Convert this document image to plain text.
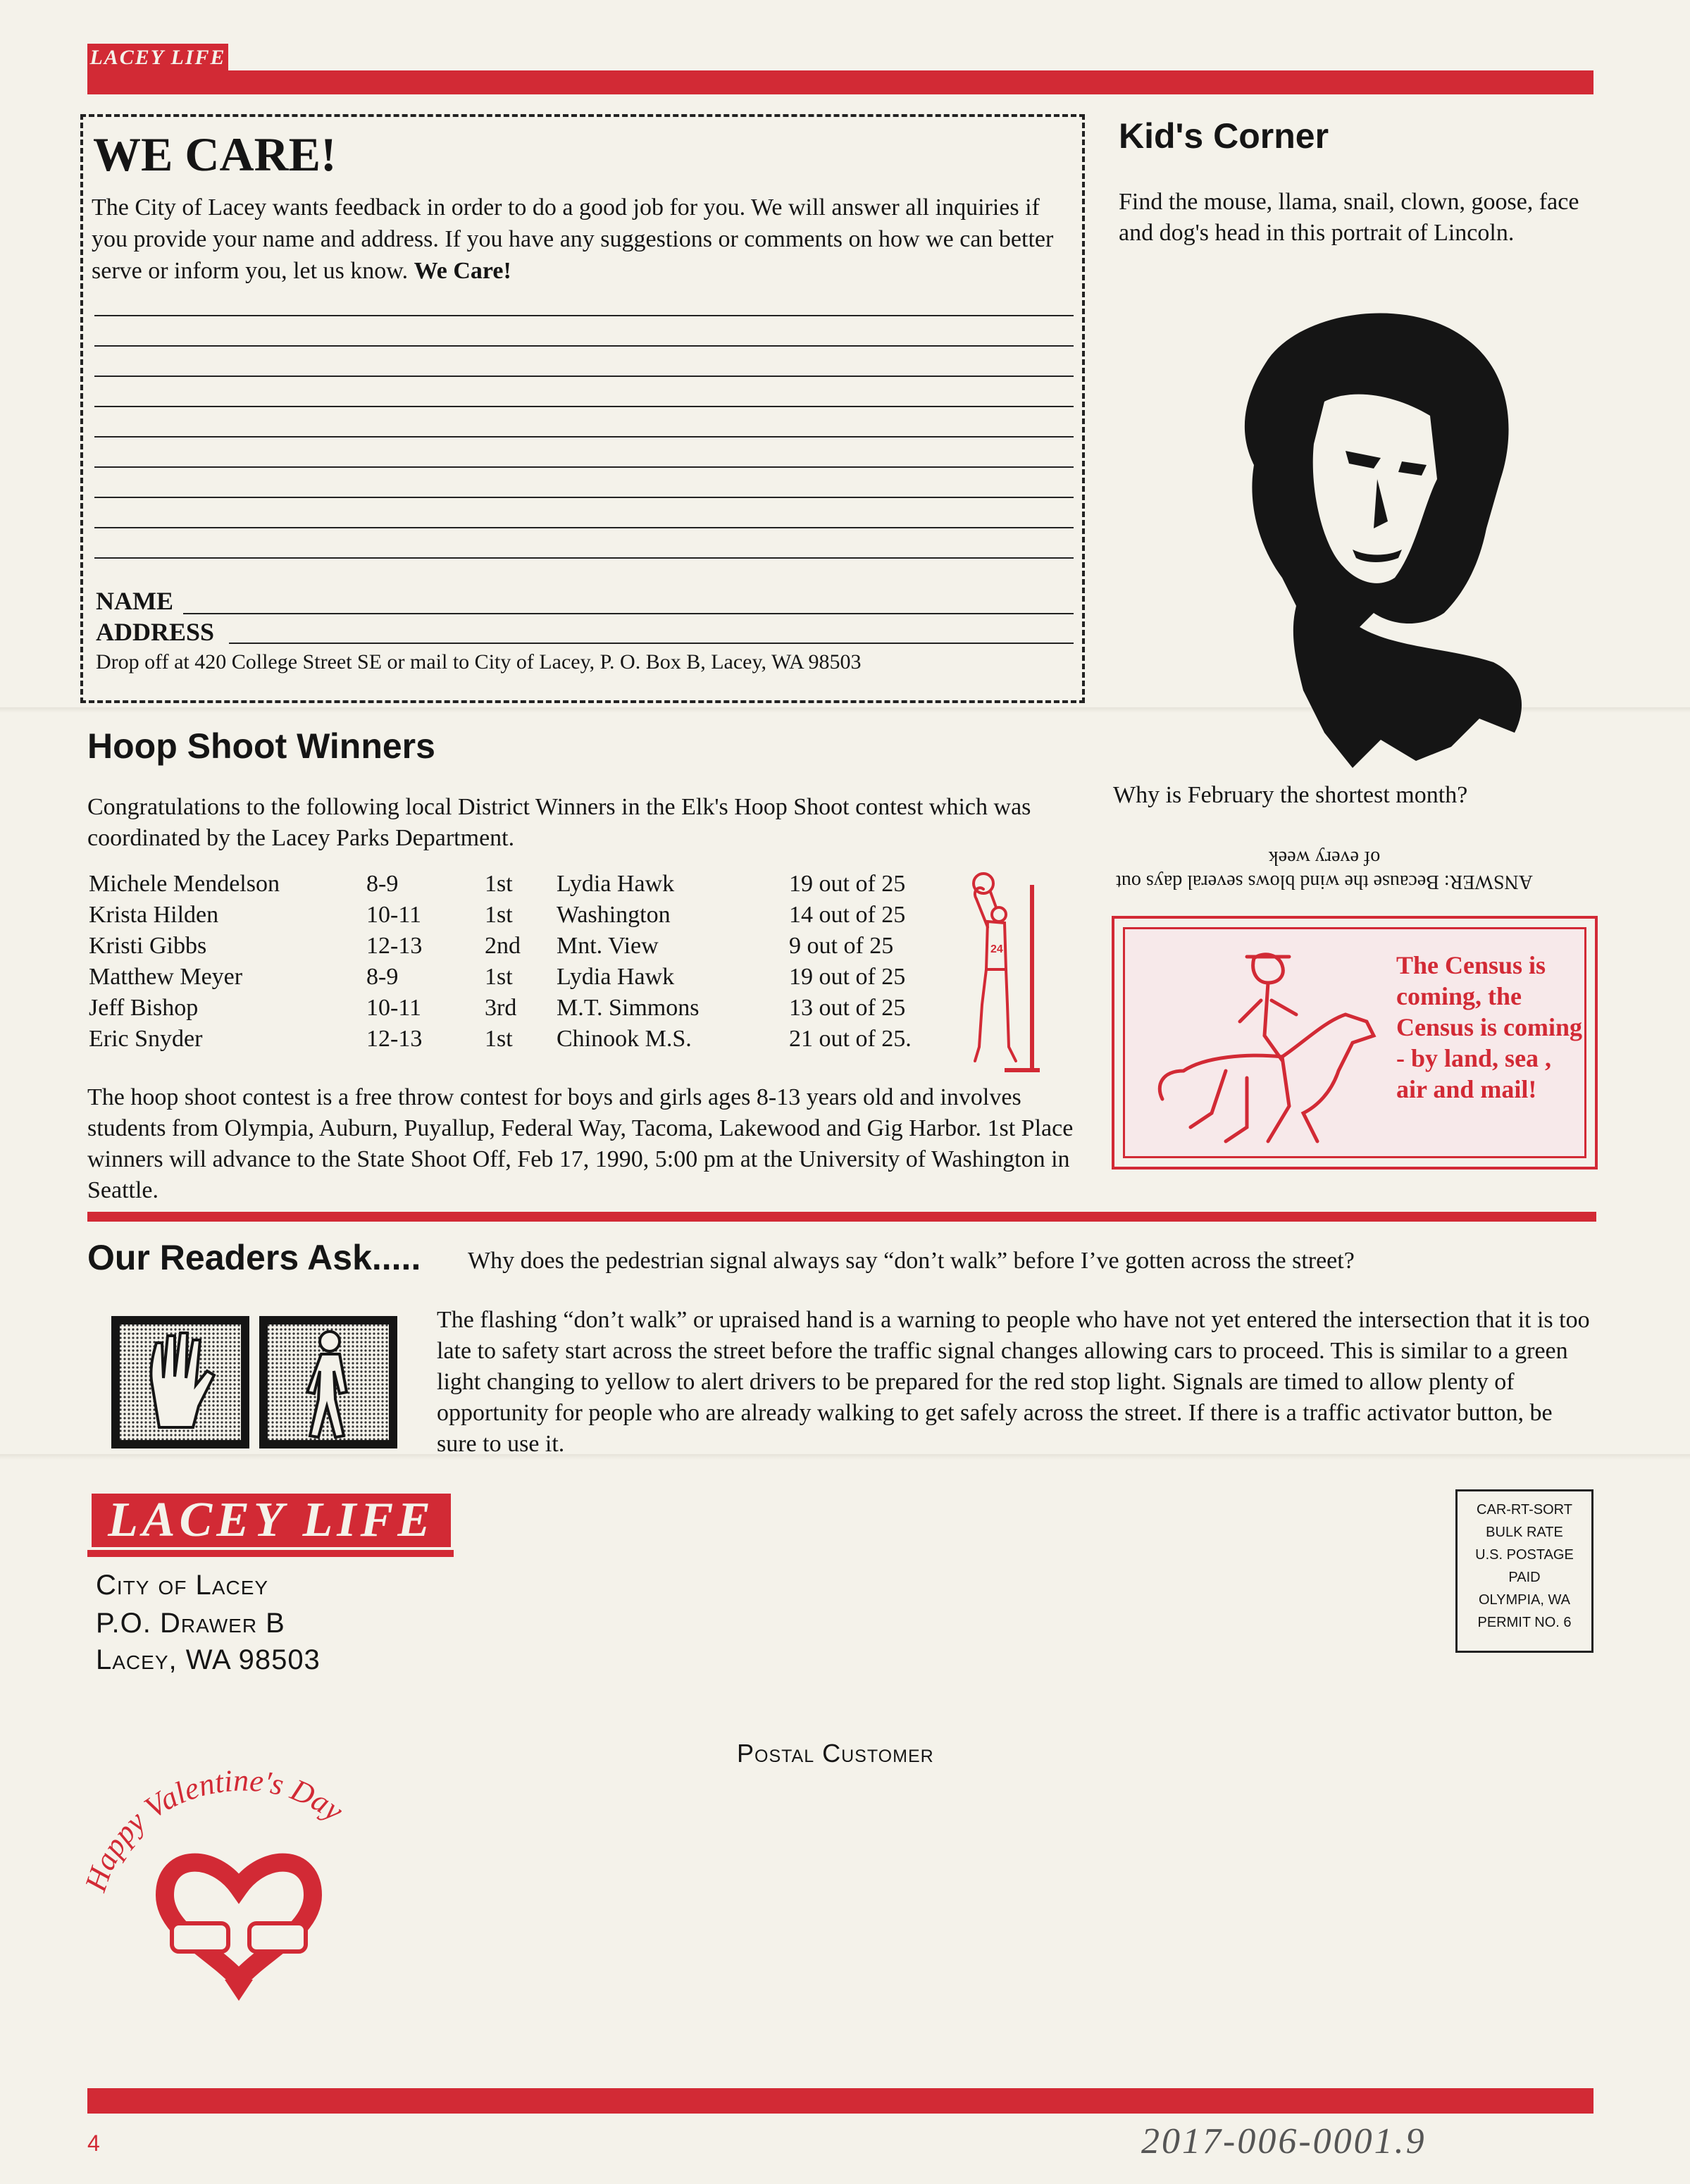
LACEY LIFE
WE CARE!
The City of Lacey wants feedback in order to do a good job for you. We will answer all inquiries if you provide your name and address. If you have any suggestions or comments on how we can better serve or inform you, let us know. We Care!
NAME
ADDRESS
Drop off at 420 College Street SE or mail to City of Lacey, P. O. Box B, Lacey, WA 98503
Kid's Corner
Find the mouse, llama, snail, clown, goose, face and dog's head in this portrait of Lincoln.
Why is February the shortest month?
ANSWER: Because the wind blows several days out of every week
The Census is coming, the Census is coming - by land, sea , air and mail!
Hoop Shoot Winners
Congratulations to the following local District Winners in the Elk's Hoop Shoot contest which was coordinated by the Lacey Parks Department.
Michele Mendelson	8-9	1st Lydia Hawk	19 out of 25
Krista Hilden	10-11	1st Washington	14 out of 25
Kristi Gibbs	12-13	2nd Mnt. View	9 out of 25
Matthew Meyer	8-9	1st Lydia Hawk	19 out of 25
Jeff Bishop	10-11	3rd M.T. Simmons	13 out of 25
Eric Snyder	12-13	1st Chinook M.S.	21 out of 25.
24
The hoop shoot contest is a free throw contest for boys and girls ages 8-13 years old and involves students from Olympia, Auburn, Puyallup, Federal Way, Tacoma, Lakewood and Gig Harbor. 1st Place winners will advance to the State Shoot Off, Feb 17, 1990, 5:00 pm at the University of Washington in Seattle.
Our Readers Ask..... Why does the pedestrian signal always say “don’t walk” before I’ve gotten across the street?
The flashing “don’t walk” or upraised hand is a warning to people who have not yet entered the intersection that it is too late to safety start across the street before the traffic signal changes allowing cars to proceed. This is similar to a green light changing to yellow to alert drivers to be prepared for the red stop light. Signals are timed to allow plenty of opportunity for people who are already walking to get safely across the street. If there is a traffic activator button, be sure to use it.
LACEY LIFE
City of Lacey
P.O. Drawer B
Lacey, WA 98503
Postal Customer
CAR-RT-SORT
BULK RATE
U.S. POSTAGE
PAID
OLYMPIA, WA
PERMIT NO. 6
Happy Valentine's Day
4	2017-006-0001.9
